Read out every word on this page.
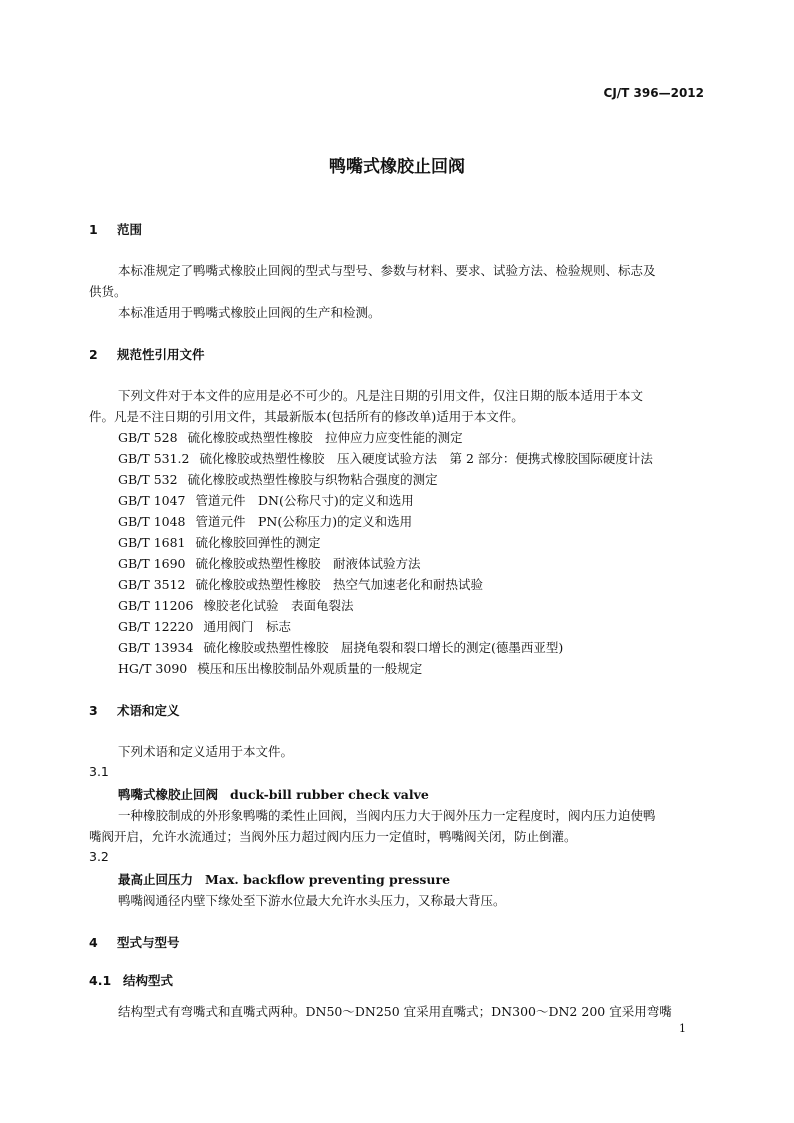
CJ/T 396—2012
鸭嘴式橡胶止回阀
1 范围
本标准规定了鸭嘴式橡胶止回阀的型式与型号、参数与材料、要求、试验方法、检验规则、标志及
供货。
本标准适用于鸭嘴式橡胶止回阀的生产和检测。
2 规范性引用文件
下列文件对于本文件的应用是必不可少的。凡是注日期的引用文件，仅注日期的版本适用于本文
件。凡是不注日期的引用文件，其最新版本(包括所有的修改单)适用于本文件。
GB/T 528 硫化橡胶或热塑性橡胶　拉伸应力应变性能的测定
GB/T 531.2 硫化橡胶或热塑性橡胶　压入硬度试验方法　第 2 部分：便携式橡胶国际硬度计法
GB/T 532 硫化橡胶或热塑性橡胶与织物粘合强度的测定
GB/T 1047 管道元件　DN(公称尺寸)的定义和选用
GB/T 1048 管道元件　PN(公称压力)的定义和选用
GB/T 1681 硫化橡胶回弹性的测定
GB/T 1690 硫化橡胶或热塑性橡胶　耐液体试验方法
GB/T 3512 硫化橡胶或热塑性橡胶　热空气加速老化和耐热试验
GB/T 11206 橡胶老化试验　表面龟裂法
GB/T 12220 通用阀门　标志
GB/T 13934 硫化橡胶或热塑性橡胶　屈挠龟裂和裂口增长的测定(德墨西亚型)
HG/T 3090 模压和压出橡胶制品外观质量的一般规定
3 术语和定义
下列术语和定义适用于本文件。
3.1
鸭嘴式橡胶止回阀 duck-bill rubber check valve
一种橡胶制成的外形象鸭嘴的柔性止回阀，当阀内压力大于阀外压力一定程度时，阀内压力迫使鸭
嘴阀开启，允许水流通过；当阀外压力超过阀内压力一定值时，鸭嘴阀关闭，防止倒灌。
3.2
最高止回压力 Max. backflow preventing pressure
鸭嘴阀通径内壁下缘处至下游水位最大允许水头压力，又称最大背压。
4 型式与型号
4.1 结构型式
结构型式有弯嘴式和直嘴式两种。DN50～DN250 宜采用直嘴式；DN300～DN2 200 宜采用弯嘴
1
